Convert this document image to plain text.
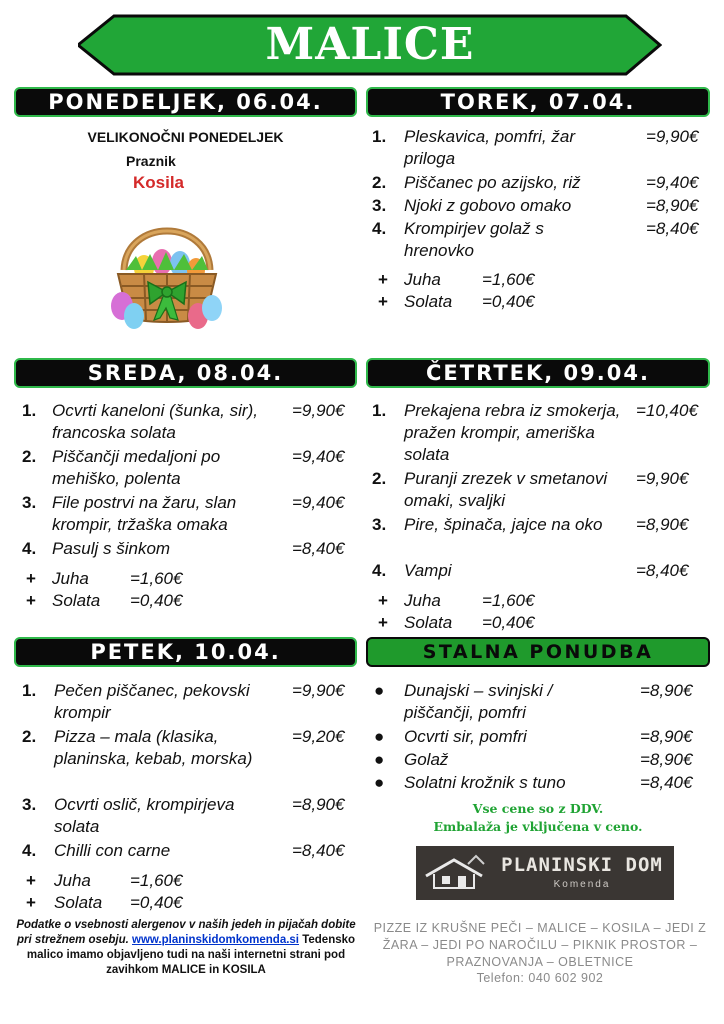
MALICE
PONEDELJEK, 06.04.
VELIKONOČNI PONEDELJEK
Praznik
Kosila
TOREK, 07.04.
1. Pleskavica, pomfri, žar priloga
=9,90€
2. Piščanec po azijsko, riž	=9,40€
3. Njoki z gobovo omako	=8,90€
4. Krompirjev golaž s hrenovko
=8,40€
+ Juha =1,60€
+ Solata =0,40€
SREDA, 08.04.
1. Ocvrti kaneloni (šunka, sir), francoska solata
=9,90€
2. Piščančji medaljoni po mehiško, polenta
=9,40€
3. File postrvi na žaru, slan krompir, tržaška omaka
=9,40€
4. Pasulj s šinkom	=8,40€
+ Juha =1,60€
+ Solata =0,40€
ČETRTEK, 09.04.
1. Prekajena rebra iz smokerja, pražen krompir, ameriška solata
=10,40€
2. Puranji zrezek v smetanovi omaki, svaljki
=9,90€
3. Pire, špinača, jajce na oko	=8,90€
4. Vampi	=8,40€
+ Juha =1,60€
+ Solata =0,40€
PETEK, 10.04.
1. Pečen piščanec, pekovski krompir
=9,90€
2. Pizza – mala (klasika, planinska, kebab, morska)
=9,20€
3. Ocvrti oslič, krompirjeva solata
=8,90€
4. Chilli con carne	=8,40€
+ Juha =1,60€
+ Solata =0,40€
STALNA PONUDBA
● Dunajski – svinjski / piščančji, pomfri
=8,90€
● Ocvrti sir, pomfri	=8,90€
● Golaž	=8,90€
● Solatni krožnik s tuno	=8,40€
Vse cene so z DDV.
Embalaža je vključena v ceno.
PLANINSKI DOM
Komenda
Podatke o vsebnosti alergenov v naših jedeh in pijačah dobite pri strežnem osebju. www.planinskidomkomenda.si Tedensko malico imamo objavljeno tudi na naši internetni strani pod zavihkom MALICE in KOSILA
PIZZE IZ KRUŠNE PEČI – MALICE – KOSILA – JEDI Z ŽARA – JEDI PO NAROČILU – PIKNIK PROSTOR – PRAZNOVANJA – OBLETNICE
Telefon: 040 602 902
